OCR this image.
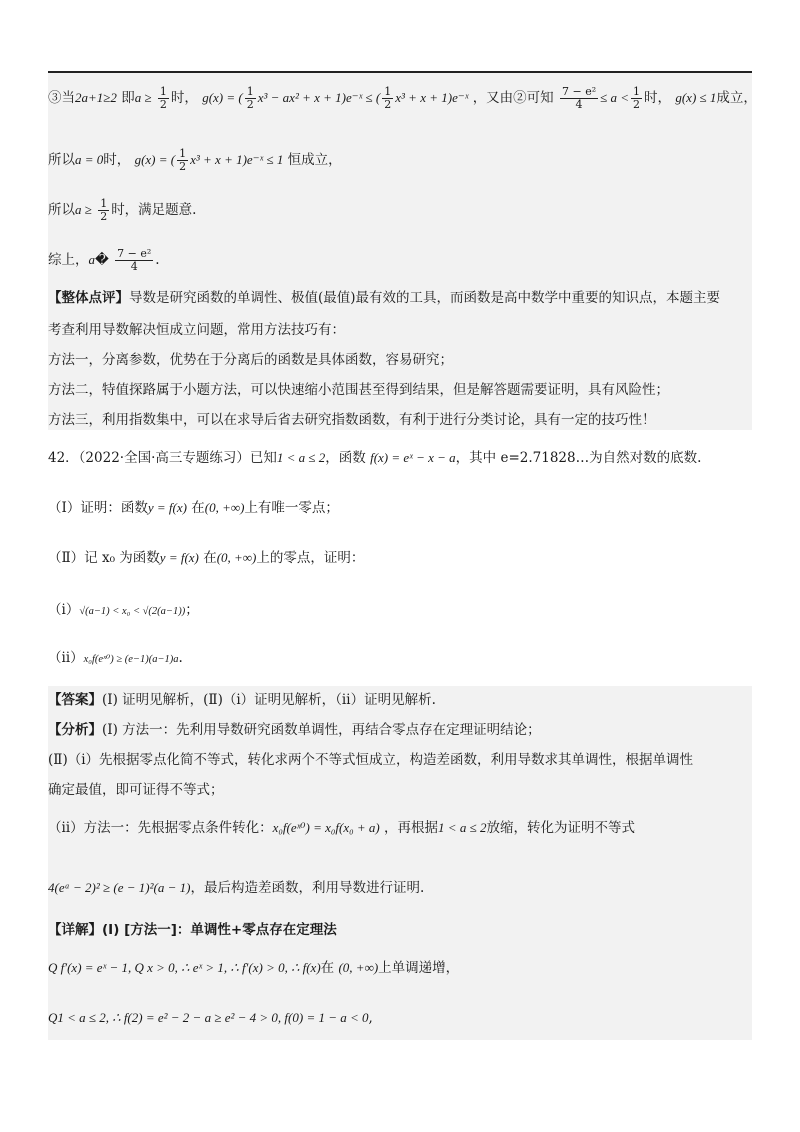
③当2a+1≥2 即$a \ge \frac{1}{2}$ 时， g(x) = ( $\frac{1}{2} x^3 - ax^2 + x$ + 1)e⁻ˣ ≤ ( $\frac{1}{2} x^3 + x$ + 1)e⁻ˣ ，又由②可知 $\frac{\text{7 − e²}}{4} \le a < \frac{1}{2}$ 时， g(x) ≤ 1成立，
所以a = 0时， g(x) = ( $\frac{1}{2} x^3 + x$ + 1)e⁻ˣ ≤ 1 恒成立，
所以$a \ge \frac{1}{2}$ 时，满足题意.
综上，a� $\frac{\text{7 − e²}}{4}$ .
【整体点评】导数是研究函数的单调性、极值(最值)最有效的工具，而函数是高中数学中重要的知识点，本题主要
考查利用导数解决恒成立问题，常用方法技巧有：
方法一，分离参数，优势在于分离后的函数是具体函数，容易研究；
方法二，特值探路属于小题方法，可以快速缩小范围甚至得到结果，但是解答题需要证明，具有风险性；
方法三，利用指数集中，可以在求导后省去研究指数函数，有利于进行分类讨论，具有一定的技巧性！
42．（2022·全国·高三专题练习）已知1 < a ≤ 2，函数 f(x) = eˣ − x − a，其中 e=2.71828…为自然对数的底数.
（Ⅰ）证明：函数y = f(x) 在(0, +∞)上有唯一零点；
（Ⅱ）记 x₀ 为函数y = f(x) 在(0, +∞)上的零点，证明：
（ⅰ）√(a−1) < x₀ < √(2(a−1))；
（ⅱ）x₀f(eˣ⁰) ≥ (e−1)(a−1)a.
【答案】(Ⅰ) 证明见解析，(Ⅱ)（ⅰ）证明见解析，（ⅱ）证明见解析.
【分析】(Ⅰ) 方法一：先利用导数研究函数单调性，再结合零点存在定理证明结论；
(Ⅱ)（ⅰ）先根据零点化简不等式，转化求两个不等式恒成立，构造差函数，利用导数求其单调性，根据单调性
确定最值，即可证得不等式；
（ⅱ）方法一：先根据零点条件转化：x₀f(eˣ⁰) = x₀f(x₀ + a) ，再根据1 < a ≤ 2放缩，转化为证明不等式
4(eᵃ − 2)² ≥ (e − 1)²(a − 1)，最后构造差函数，利用导数进行证明.
【详解】(Ⅰ) [方法一]：单调性+零点存在定理法
Q f′(x) = eˣ − 1, Q x > 0, ∴ eˣ > 1, ∴ f′(x) > 0, ∴ f(x)在 (0, +∞)上单调递增，
Q1 < a ≤ 2, ∴ f(2) = e² − 2 − a ≥ e² − 4 > 0, f(0) = 1 − a < 0,
